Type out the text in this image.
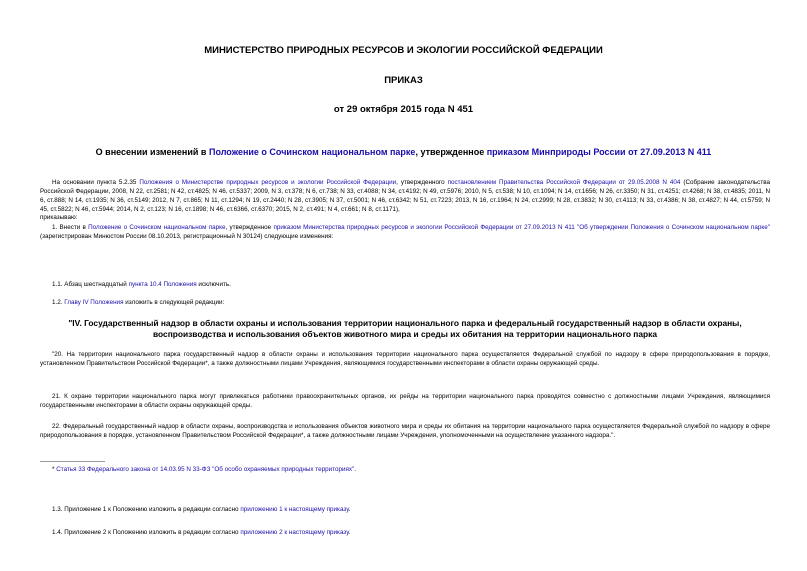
МИНИСТЕРСТВО ПРИРОДНЫХ РЕСУРСОВ И ЭКОЛОГИИ РОССИЙСКОЙ ФЕДЕРАЦИИ
ПРИКАЗ
от 29 октября 2015 года N 451
О внесении изменений в Положение о Сочинском национальном парке, утвержденное приказом Минприроды России от 27.09.2013 N 411
На основании пункта 5.2.35 Положения о Министерстве природных ресурсов и экологии Российской Федерации, утвержденного постановлением Правительства Российской Федерации от 29.05.2008 N 404 (Собрание законодательства Российской Федерации, 2008, N 22, ст.2581; N 42, ст.4825; N 46, ст.5337; 2009, N 3, ст.378; N 6, ст.738; N 33, ст.4088; N 34, ст.4192; N 49, ст.5976; 2010, N 5, ст.538; N 10, ст.1094; N 14, ст.1656; N 26, ст.3350; N 31, ст.4251; ст.4268; N 38, ст.4835; 2011, N 6, ст.888; N 14, ст.1935; N 36, ст.5149; 2012, N 7, ст.865; N 11, ст.1294; N 19, ст.2440; N 28, ст.3905; N 37, ст.5001; N 46, ст.6342; N 51, ст.7223; 2013, N 16, ст.1964; N 24, ст.2999; N 28, ст.3832; N 30, ст.4113; N 33, ст.4386; N 38, ст.4827; N 44, ст.5759; N 45, ст.5822; N 46, ст.5944; 2014, N 2, ст.123; N 16, ст.1898; N 46, ст.6366, ст.6370; 2015, N 2, ст.491; N 4, ст.661; N 8, ст.1171),
приказываю:
1. Внести в Положение о Сочинском национальном парке, утвержденное приказом Министерства природных ресурсов и экологии Российской Федерации от 27.09.2013 N 411 "Об утверждении Положения о Сочинском национальном парке" (зарегистрирован Минюстом России 08.10.2013, регистрационный N 30124) следующие изменения:
1.1. Абзац шестнадцатый пункта 10.4 Положения исключить.
1.2. Главу IV Положения изложить в следующей редакции:
"IV. Государственный надзор в области охраны и использования территории национального парка и федеральный государственный надзор в области охраны, воспроизводства и использования объектов животного мира и среды их обитания на территории национального парка
"20. На территории национального парка государственный надзор в области охраны и использования территории национального парка осуществляется Федеральной службой по надзору в сфере природопользования в порядке, установленном Правительством Российской Федерации*, а также должностными лицами Учреждения, являющимися государственными инспекторами в области охраны окружающей среды.
21. К охране территории национального парка могут привлекаться работники правоохранительных органов, их рейды на территории национального парка проводятся совместно с должностными лицами Учреждения, являющимися государственными инспекторами в области охраны окружающей среды.
22. Федеральный государственный надзор в области охраны, воспроизводства и использования объектов животного мира и среды их обитания на территории национального парка осуществляется Федеральной службой по надзору в сфере природопользования в порядке, установленном Правительством Российской Федерации*, а также должностными лицами Учреждения, уполномоченными на осуществление указанного надзора.".
* Статья 33 Федерального закона от 14.03.95 N 33-ФЗ "Об особо охраняемых природных территориях".
1.3. Приложение 1 к Положению изложить в редакции согласно приложению 1 к настоящему приказу.
1.4. Приложение 2 к Положению изложить в редакции согласно приложению 2 к настоящему приказу.
